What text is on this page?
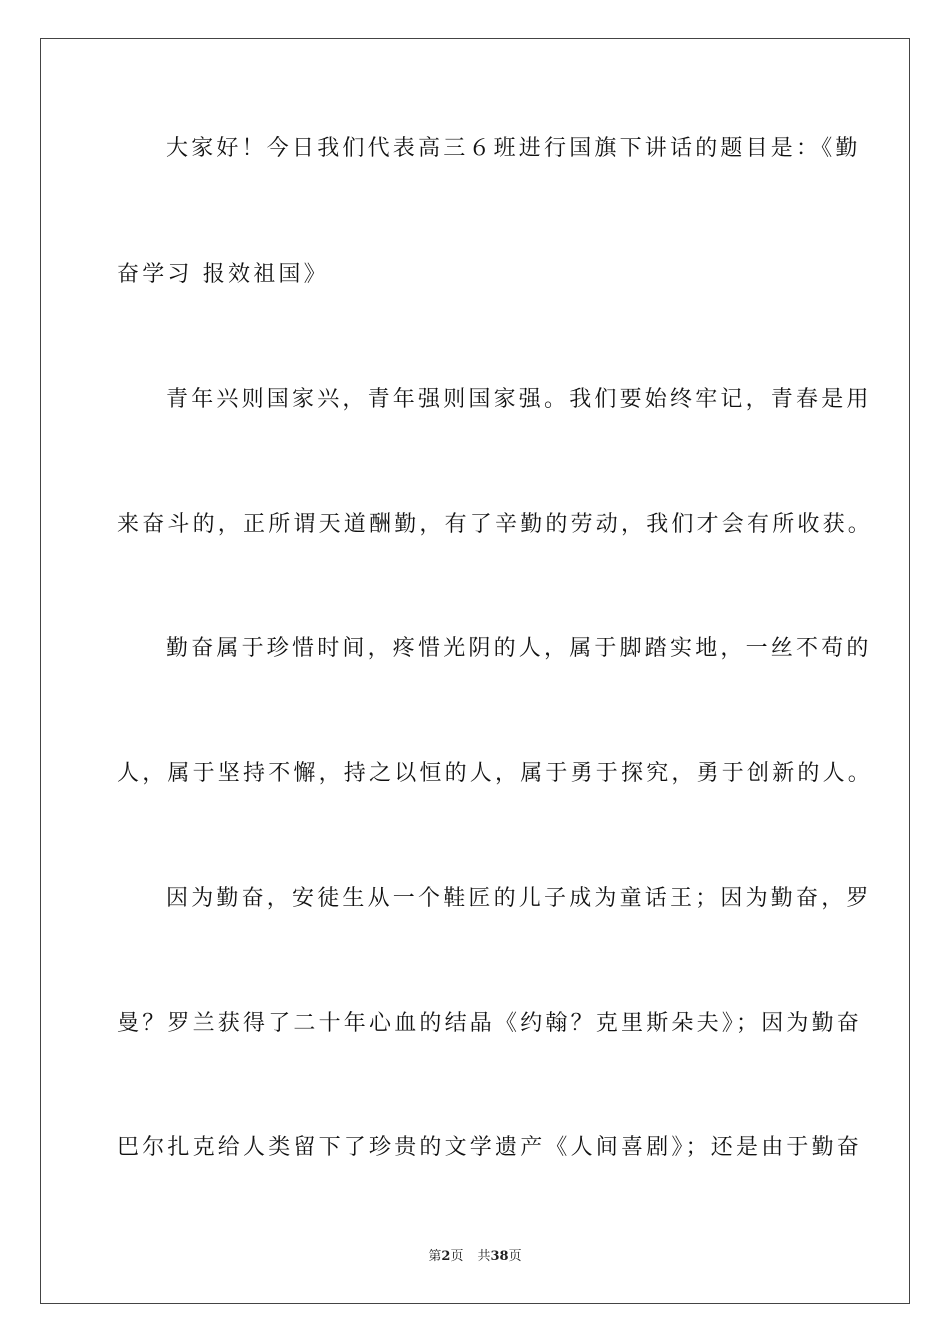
大家好！今日我们代表高三６班进行国旗下讲话的题目是：《勤
奋学习 报效祖国》
青年兴则国家兴，青年强则国家强。我们要始终牢记，青春是用
来奋斗的，正所谓天道酬勤，有了辛勤的劳动，我们才会有所收获。
勤奋属于珍惜时间，疼惜光阴的人，属于脚踏实地，一丝不苟的
人，属于坚持不懈，持之以恒的人，属于勇于探究，勇于创新的人。
因为勤奋，安徒生从一个鞋匠的儿子成为童话王；因为勤奋，罗
曼？罗兰获得了二十年心血的结晶《约翰？克里斯朵夫》；因为勤奋
巴尔扎克给人类留下了珍贵的文学遗产《人间喜剧》；还是由于勤奋
第2页 共38页
